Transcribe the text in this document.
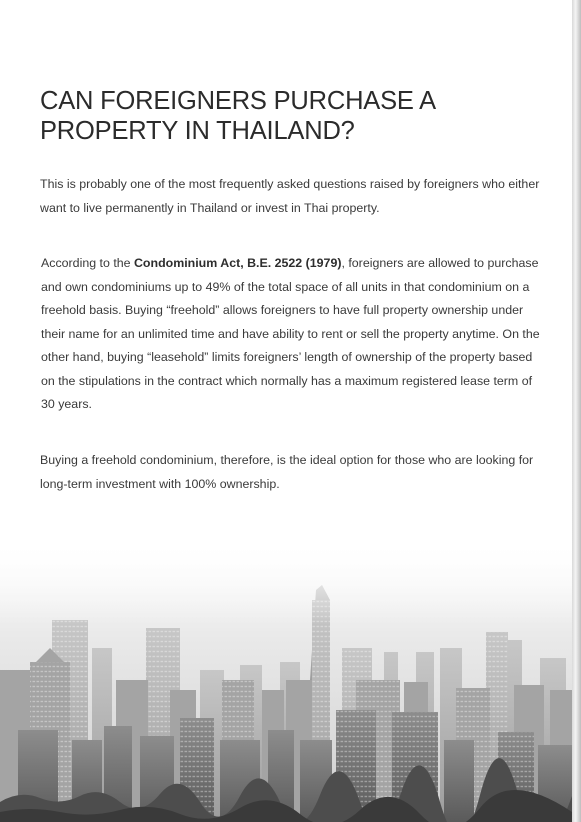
CAN FOREIGNERS PURCHASE A PROPERTY IN THAILAND?

This is probably one of the most frequently asked questions raised by foreigners who either want to live permanently in Thailand or invest in Thai property.

According to the Condominium Act, B.E. 2522 (1979), foreigners are allowed to purchase and own condominiums up to 49% of the total space of all units in that condominium on a freehold basis. Buying “freehold” allows foreigners to have full property ownership under their name for an unlimited time and have ability to rent or sell the property anytime. On the other hand, buying “leasehold” limits foreigners’ length of ownership of the property based on the stipulations in the contract which normally has a maximum registered lease term of 30 years.

Buying a freehold condominium, therefore, is the ideal option for those who are looking for long-term investment with 100% ownership.
